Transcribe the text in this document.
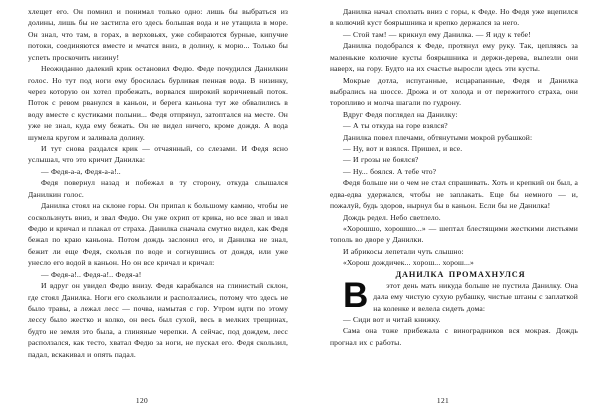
хлещет его. Он помнил и понимал только одно: лишь бы выбраться из долины, лишь бы не застигла его здесь большая вода и не утащила в море. Он знал, что там, в горах, в верховьях, уже собираются бурные, кипучие потоки, соединяются вместе и мчатся вниз, в долину, к морю... Только бы успеть проскочить низину!

Неожиданно далекий крик остановил Федю. Феде почудился Данилкин голос. Но тут под ноги ему бросилась бурливая пенная вода. В низинку, через которую он хотел пробежать, ворвался широкий коричневый поток. Поток с ревом рванулся в каньон, и берега каньона тут же обвалились в воду вместе с кустиками полыни... Федя отпрянул, затоптался на месте. Он уже не знал, куда ему бежать. Он не видел ничего, кроме дождя. А вода шумела кругом и заливала долину.

И тут снова раздался крик — отчаянный, со слезами. И Федя ясно услышал, что это кричит Данилка:

— Федя-а-а, Федя-а-а!..

Федя повернул назад и побежал в ту сторону, откуда слышался Данилкин голос.

Данилка стоял на склоне горы. Он припал к большому камню, чтобы не соскользнуть вниз, и звал Федю. Он уже охрип от крика, но все звал и звал Федю и кричал и плакал от страха. Данилка сначала смутно видел, как Федя бежал по краю каньона. Потом дождь заслонил его, и Данилка не знал, бежит ли еще Федя, скользя по воде и согнувшись от дождя, или уже унесло его водой в каньон. Но он все кричал и кричал:

— Федя-а!.. Федя-а!.. Федя-а!

И вдруг он увидел Федю внизу. Федя карабкался на глинистый склон, где стоял Данилка. Ноги его скользили и расползались, потому что здесь не было травы, а лежал лесс — почва, намытая с гор. Утром идти по этому лессу было жестко и колко, он весь был сухой, весь в мелких трещинах, будто не земля это была, а глиняные черепки. А сейчас, под дождем, лесс расползался, как тесто, хватал Федю за ноги, не пускал его. Федя скользил, падал, вскакивал и опять падал.

120

Данилка начал сползать вниз с горы, к Феде. Но Федя уже вцепился в колючий куст боярышника и крепко держался за него.

— Стой там! — крикнул ему Данилка. — Я иду к тебе!

Данилка подобрался к Феде, протянул ему руку. Так, цепляясь за маленькие колючие кусты боярышника и держи-дерева, вылезли они наверх, на гору. Будто на их счастье выросли здесь эти кусты.

Мокрые дотла, испуганные, исцарапанные, Федя и Данилка выбрались на шоссе. Дрожа и от холода и от пережитого страха, они торопливо и молча шагали по гудрону.

Вдруг Федя поглядел на Данилку:

— А ты откуда на горе взялся?

Данилка повел плечами, обтянутыми мокрой рубашкой:

— Ну, вот и взялся. Пришел, и все.

— И грозы не боялся?

— Ну... боялся. А тебе что?

Федя больше ни о чем не стал спрашивать. Хоть и крепкий он был, а едва-едва удержался, чтобы не заплакать. Еще бы немного — и, пожалуй, будь здоров, нырнул бы в каньон. Если бы не Данилка!

Дождь редел. Небо светлело.

«Хорошшо, хорошшо...» — шептал блестящими жесткими листьями тополь во дворе у Данилки.

И абрикосы лепетали чуть слышно:

«Хорош дождичек... хорош... хорош...»

ДАНИЛКА ПРОМАХНУЛСЯ

В этот день мать никуда больше не пустила Данилку. Она дала ему чистую сухую рубашку, чистые штаны с заплаткой на коленке и велела сидеть дома:

— Сиди вот и читай книжку.

Сама она тоже прибежала с виноградников вся мокрая. Дождь прогнал их с работы.

121
